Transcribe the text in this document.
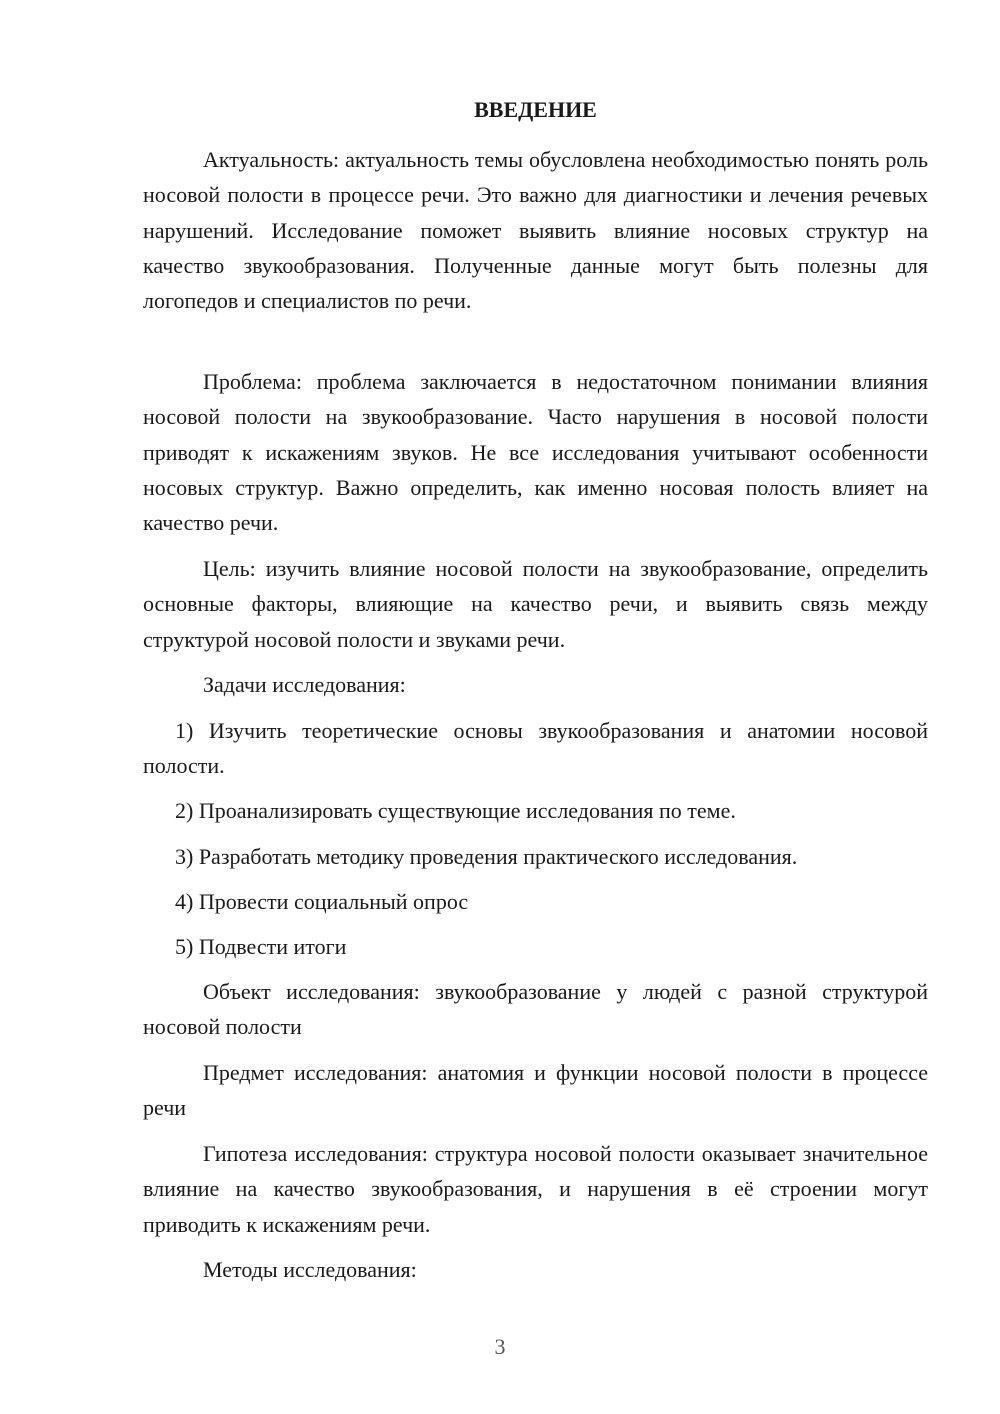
ВВЕДЕНИЕ

Актуальность: актуальность темы обусловлена необходимостью понять роль носовой полости в процессе речи. Это важно для диагностики и лечения речевых нарушений. Исследование поможет выявить влияние носовых структур на качество звукообразования. Полученные данные могут быть полезны для логопедов и специалистов по речи.

Проблема: проблема заключается в недостаточном понимании влияния носовой полости на звукообразование. Часто нарушения в носовой полости приводят к искажениям звуков. Не все исследования учитывают особенности носовых структур. Важно определить, как именно носовая полость влияет на качество речи.

Цель: изучить влияние носовой полости на звукообразование, определить основные факторы, влияющие на качество речи, и выявить связь между структурой носовой полости и звуками речи.

Задачи исследования:

1) Изучить теоретические основы звукообразования и анатомии носовой полости.

2) Проанализировать существующие исследования по теме.

3) Разработать методику проведения практического исследования.

4) Провести социальный опрос

5) Подвести итоги

Объект исследования: звукообразование у людей с разной структурой носовой полости

Предмет исследования: анатомия и функции носовой полости в процессе речи

Гипотеза исследования: структура носовой полости оказывает значительное влияние на качество звукообразования, и нарушения в её строении могут приводить к искажениям речи.

Методы исследования:

3
